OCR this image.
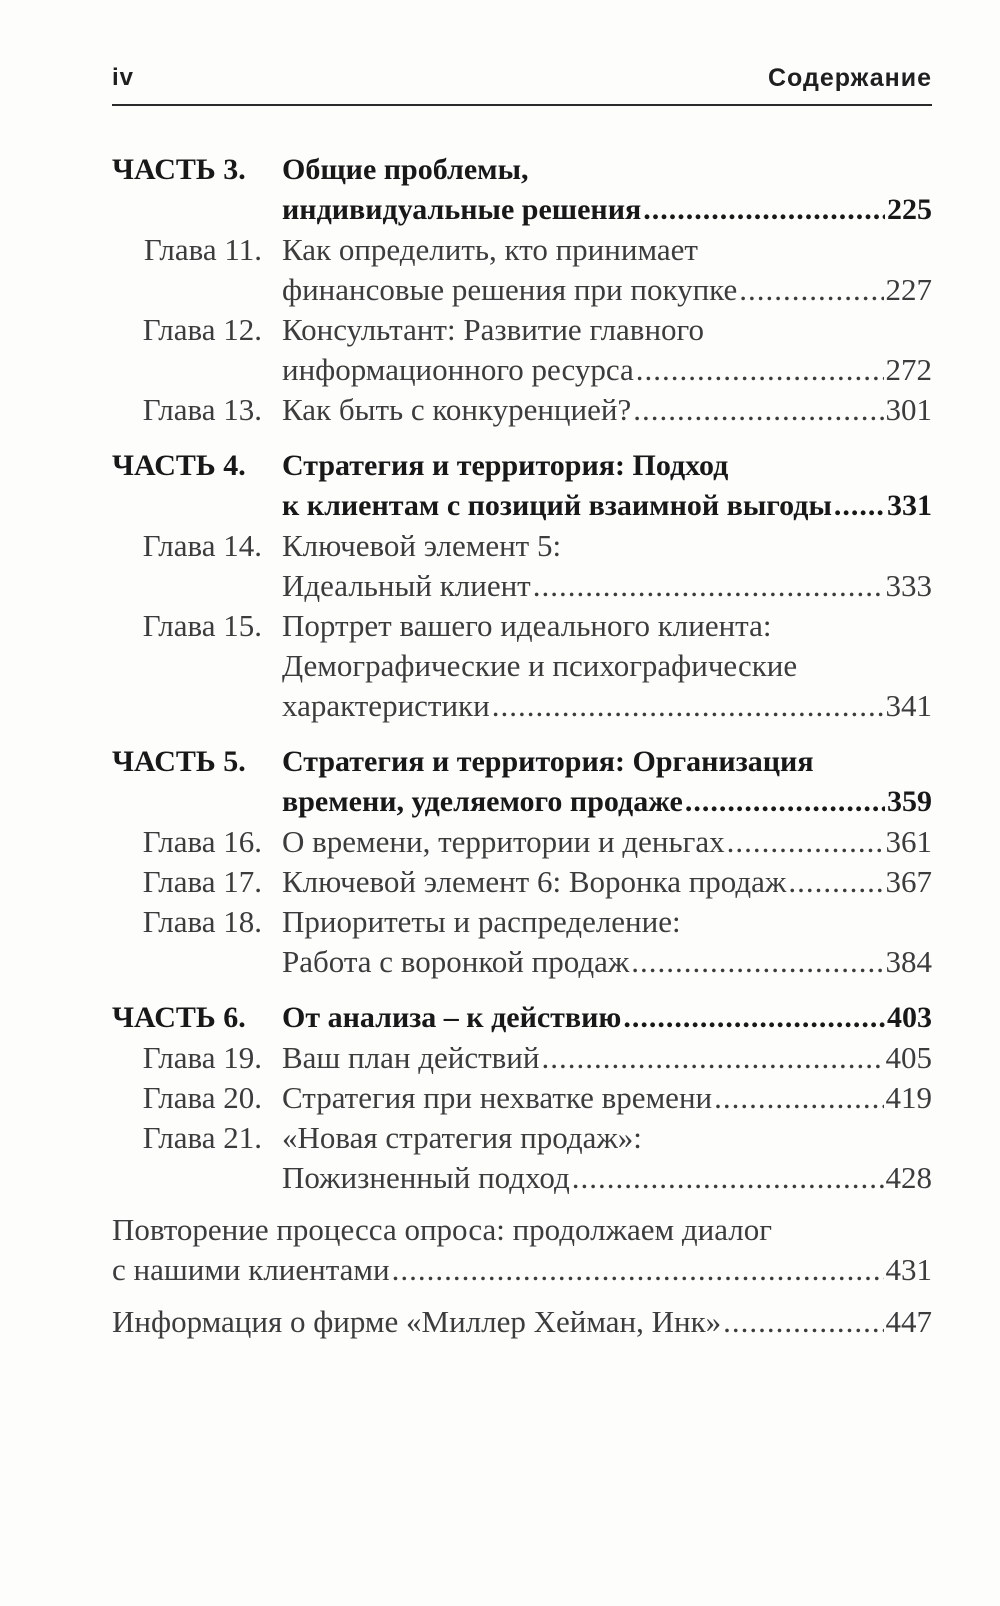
iv	Содержание
ЧАСТЬ 3. Общие проблемы,
индивидуальные решения .....	225
Глава 11. Как определить, кто принимает
финансовые решения при покупке .....	227
Глава 12. Консультант: Развитие главного
информационного ресурса .....	272
Глава 13. Как быть с конкуренцией? .....	301
ЧАСТЬ 4. Стратегия и территория: Подход
к клиентам с позиций взаимной выгоды ..... 331
Глава 14. Ключевой элемент 5:
Идеальный клиент .....	333
Глава 15. Портрет вашего идеального клиента:
Демографические и психографические
характеристики .....	341
ЧАСТЬ 5. Стратегия и территория: Организация
времени, уделяемого продаже .....	359
Глава 16. О времени, территории и деньгах .....	361
Глава 17. Ключевой элемент 6: Воронка продаж .....	367
Глава 18. Приоритеты и распределение:
Работа с воронкой продаж .....	384
ЧАСТЬ 6. От анализа – к действию .....	403
Глава 19. Ваш план действий .....	405
Глава 20. Стратегия при нехватке времени .....	419
Глава 21. «Новая стратегия продаж»:
Пожизненный подход .....	428
Повторение процесса опроса: продолжаем диалог
с нашими клиентами .....	431
Информация о фирме «Миллер Хейман, Инк» .....	447
